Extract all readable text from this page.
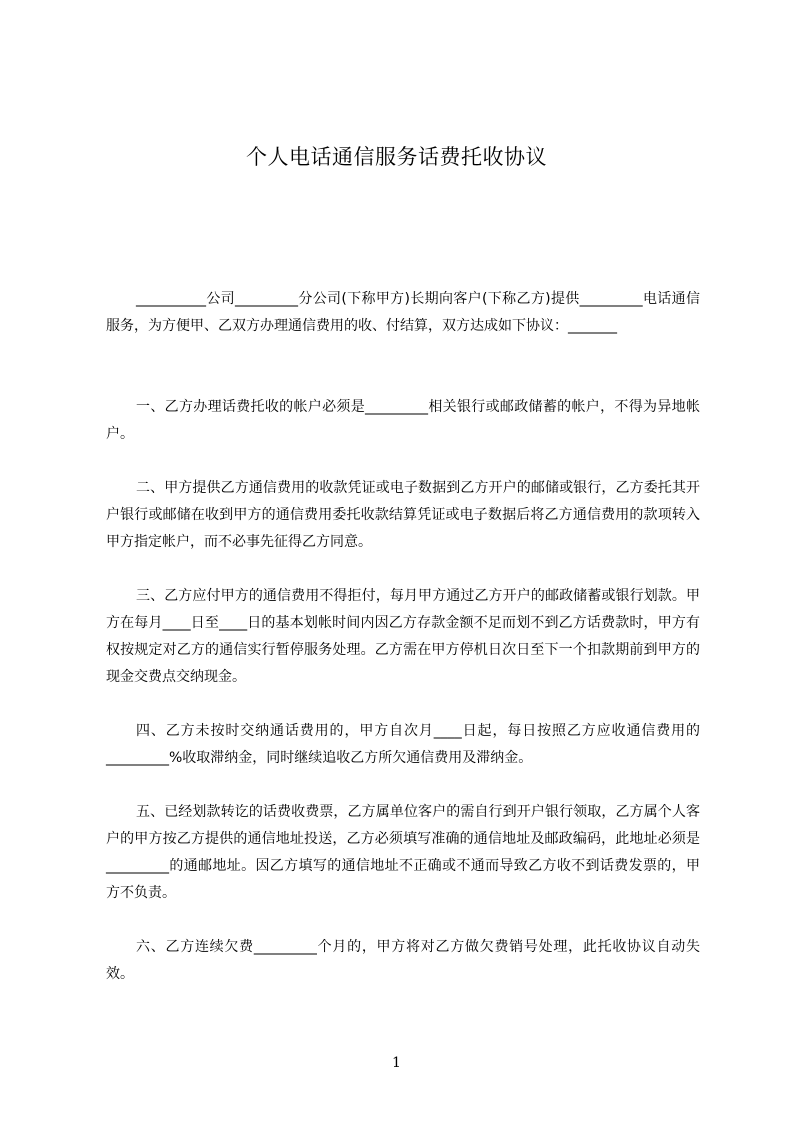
个人电话通信服务话费托收协议

__________公司_________分公司(下称甲方)长期向客户(下称乙方)提供_________电话通信服务，为方便甲、乙双方办理通信费用的收、付结算，双方达成如下协议：_______

一、乙方办理话费托收的帐户必须是_________相关银行或邮政储蓄的帐户，不得为异地帐户。

二、甲方提供乙方通信费用的收款凭证或电子数据到乙方开户的邮储或银行，乙方委托其开户银行或邮储在收到甲方的通信费用委托收款结算凭证或电子数据后将乙方通信费用的款项转入甲方指定帐户，而不必事先征得乙方同意。

三、乙方应付甲方的通信费用不得拒付，每月甲方通过乙方开户的邮政储蓄或银行划款。甲方在每月____日至____日的基本划帐时间内因乙方存款金额不足而划不到乙方话费款时，甲方有权按规定对乙方的通信实行暂停服务处理。乙方需在甲方停机日次日至下一个扣款期前到甲方的现金交费点交纳现金。

四、乙方未按时交纳通话费用的，甲方自次月____日起，每日按照乙方应收通信费用的_________%收取滞纳金，同时继续追收乙方所欠通信费用及滞纳金。

五、已经划款转讫的话费收费票，乙方属单位客户的需自行到开户银行领取，乙方属个人客户的甲方按乙方提供的通信地址投送，乙方必须填写准确的通信地址及邮政编码，此地址必须是_________的通邮地址。因乙方填写的通信地址不正确或不通而导致乙方收不到话费发票的，甲方不负责。

六、乙方连续欠费_________个月的，甲方将对乙方做欠费销号处理，此托收协议自动失效。

1
